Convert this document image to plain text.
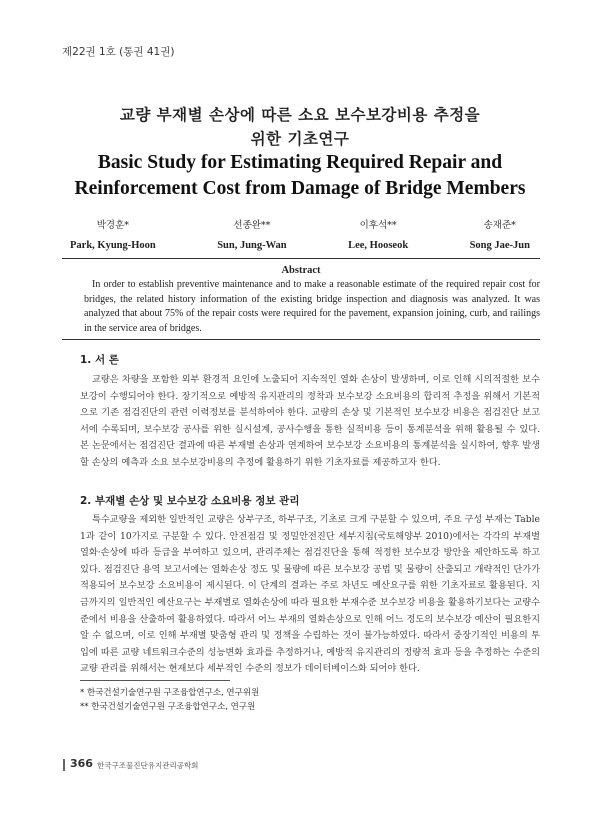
제22권 1호 (통권 41권)
교량 부재별 손상에 따른 소요 보수보강비용 추정을
위한 기초연구
Basic Study for Estimating Required Repair and
Reinforcement Cost from Damage of Bridge Members
박경훈*
Park, Kyung-Hoon
선종완**
Sun, Jung-Wan
이후석**
Lee, Hooseok
송재준*
Song Jae-Jun
Abstract

In order to establish preventive maintenance and to make a reasonable estimate of the required repair cost for bridges, the related history information of the existing bridge inspection and diagnosis was analyzed. It was analyzed that about 75% of the repair costs were required for the pavement, expansion joining, curb, and railings in the service area of bridges.

1. 서 론

교량은 차량을 포함한 외부 환경적 요인에 노출되어 지속적인 열화 손상이 발생하며, 이로 인해 시의적절한 보수보강이 수행되어야 한다. 장기적으로 예방적 유지관리의 정착과 보수보강 소요비용의 합리적 추정을 위해서 기본적으로 기존 점검진단의 관련 이력정보를 분석하여야 한다. 교량의 손상 및 기본적인 보수보강 비용은 점검진단 보고서에 수록되며, 보수보강 공사를 위한 실시설계, 공사수행을 통한 실적비용 등이 통계분석을 위해 활용될 수 있다. 본 논문에서는 점검진단 결과에 따른 부재별 손상과 연계하여 보수보강 소요비용의 통계분석을 실시하여, 향후 발생할 손상의 예측과 소요 보수보강비용의 추정에 활용하기 위한 기초자료를 제공하고자 한다.

2. 부재별 손상 및 보수보강 소요비용 정보 관리

특수교량을 제외한 일반적인 교량은 상부구조, 하부구조, 기초로 크게 구분할 수 있으며, 주요 구성 부재는 Table 1과 같이 10가지로 구분할 수 있다. 안전점검 및 정밀안전진단 세부지침(국토해양부 2010)에서는 각각의 부재별 열화·손상에 따라 등급을 부여하고 있으며, 관리주체는 점검진단을 통해 적정한 보수보강 방안을 제안하도록 하고 있다. 점검진단 용역 보고서에는 열화손상 정도 및 물량에 따른 보수보강 공법 및 물량이 산출되고 개략적인 단가가 적용되어 보수보강 소요비용이 제시된다. 이 단계의 결과는 주로 차년도 예산요구를 위한 기초자료로 활용된다. 지금까지의 일반적인 예산요구는 부재별로 열화손상에 따라 필요한 부재수준 보수보강 비용을 활용하기보다는 교량수준에서 비용을 산출하여 활용하였다. 따라서 어느 부재의 열화손상으로 인해 어느 정도의 보수보강 예산이 필요한지 알 수 없으며, 이로 인해 부재별 맞춤형 관리 및 정책을 수립하는 것이 불가능하였다. 따라서 중장기적인 비용의 투입에 따른 교량 네트워크수준의 성능변화 효과를 추정하거나, 예방적 유지관리의 정량적 효과 등을 추정하는 수준의 교량 관리를 위해서는 현재보다 세부적인 수준의 정보가 데이터베이스화 되어야 한다.

* 한국건설기술연구원 구조융합연구소, 연구위원
** 한국건설기술연구원 구조융합연구소, 연구원
366 한국구조물진단유지관리공학회
